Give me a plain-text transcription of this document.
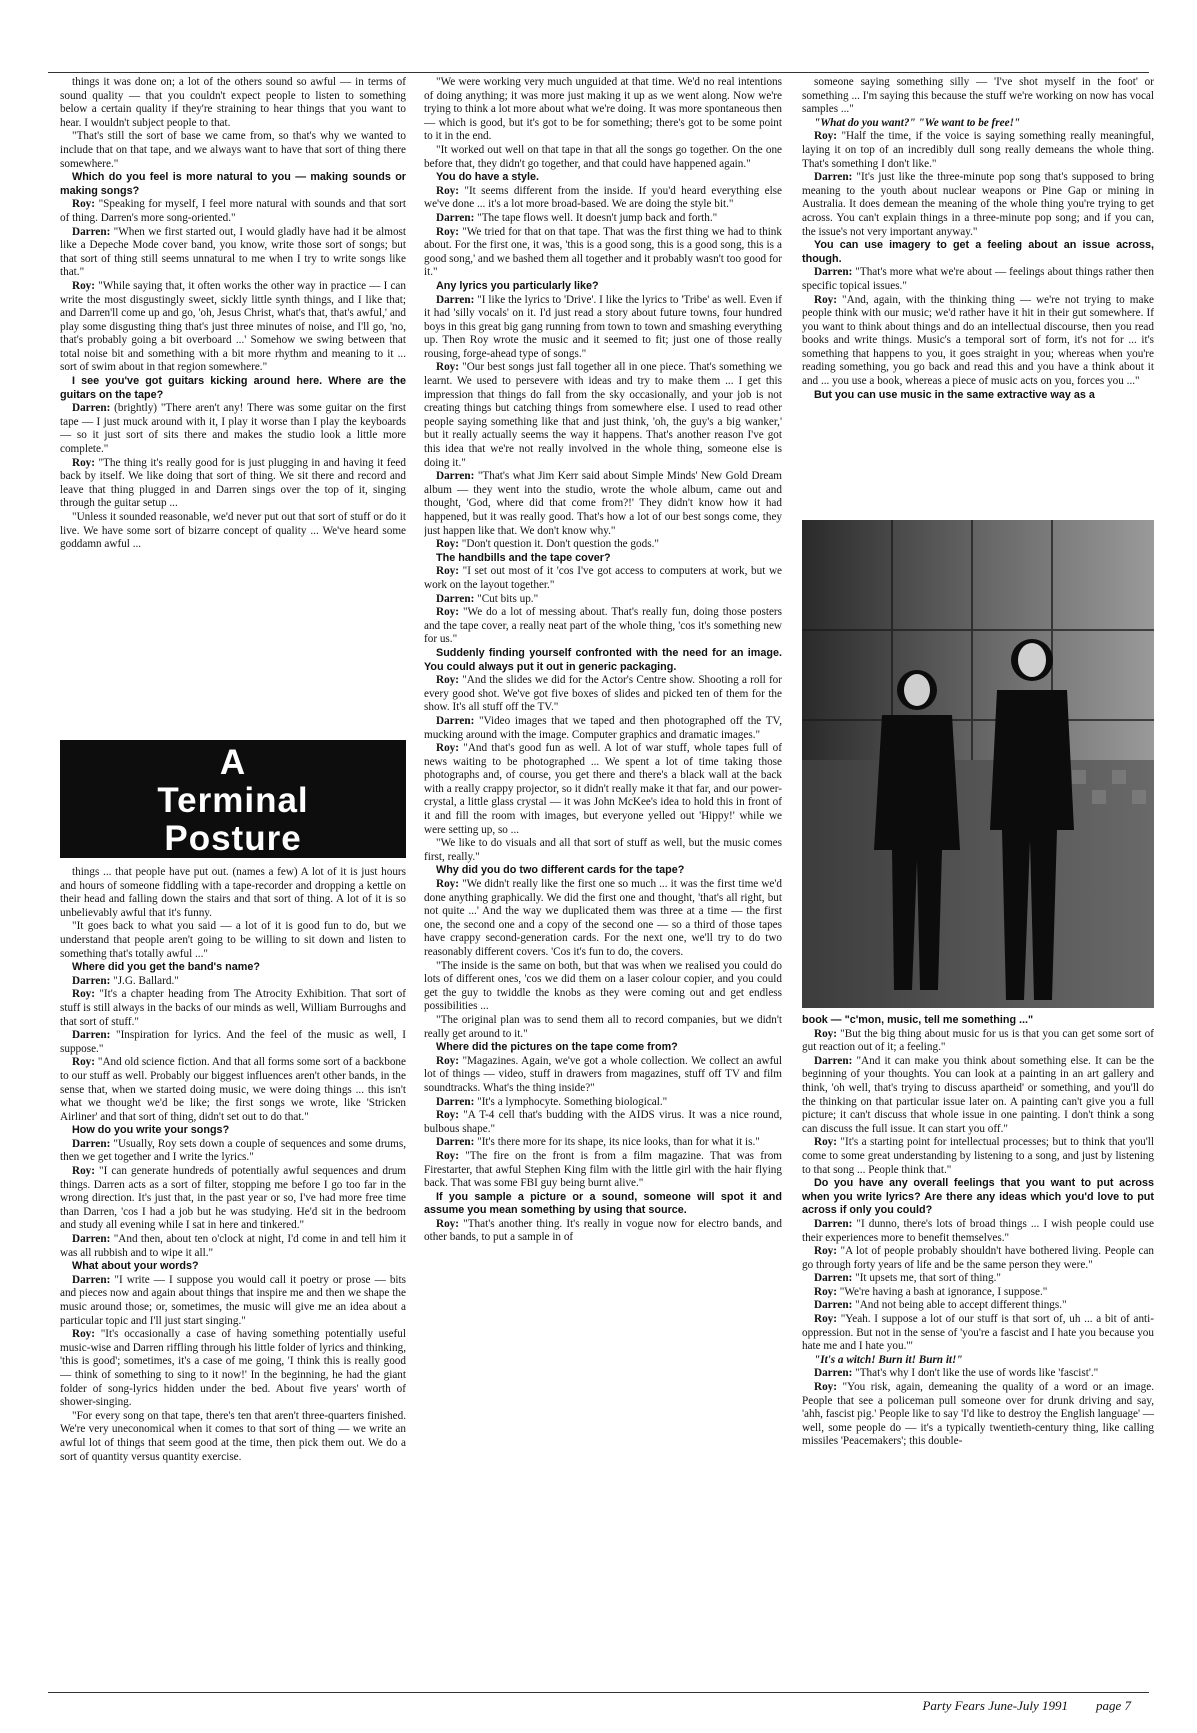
things it was done on; a lot of the others sound so awful — in terms of sound quality — that you couldn't expect people to listen to something below a certain quality if they're straining to hear things that you want to hear. I wouldn't subject people to that.

"That's still the sort of base we came from, so that's why we wanted to include that on that tape, and we always want to have that sort of thing there somewhere."

Which do you feel is more natural to you — making sounds or making songs?

Roy: "Speaking for myself, I feel more natural with sounds and that sort of thing. Darren's more song-oriented."

Darren: "When we first started out, I would gladly have had it be almost like a Depeche Mode cover band, you know, write those sort of songs; but that sort of thing still seems unnatural to me when I try to write songs like that."

Roy: "While saying that, it often works the other way in practice — I can write the most disgustingly sweet, sickly little synth things, and I like that; and Darren'll come up and go, 'oh, Jesus Christ, what's that, that's awful,' and play some disgusting thing that's just three minutes of noise, and I'll go, 'no, that's probably going a bit overboard ...' Somehow we swing between that total noise bit and something with a bit more rhythm and meaning to it ... sort of swim about in that region somewhere."

I see you've got guitars kicking around here. Where are the guitars on the tape?

Darren: (brightly) "There aren't any! There was some guitar on the first tape — I just muck around with it, I play it worse than I play the keyboards — so it just sort of sits there and makes the studio look a little more complete."

Roy: "The thing it's really good for is just plugging in and having it feed back by itself. We like doing that sort of thing. We sit there and record and leave that thing plugged in and Darren sings over the top of it, singing through the guitar setup ...

"Unless it sounded reasonable, we'd never put out that sort of stuff or do it live. We have some sort of bizarre concept of quality ... We've heard some goddamn awful ...

A
Terminal
Posture

things ... that people have put out. (names a few) A lot of it is just hours and hours of someone fiddling with a tape-recorder and dropping a kettle on their head and falling down the stairs and that sort of thing. A lot of it is so unbelievably awful that it's funny.

"It goes back to what you said — a lot of it is good fun to do, but we understand that people aren't going to be willing to sit down and listen to something that's totally awful ..."

Where did you get the band's name?

Darren: "J.G. Ballard."

Roy: "It's a chapter heading from The Atrocity Exhibition. That sort of stuff is still always in the backs of our minds as well, William Burroughs and that sort of stuff."

Darren: "Inspiration for lyrics. And the feel of the music as well, I suppose."

Roy: "And old science fiction. And that all forms some sort of a backbone to our stuff as well. Probably our biggest influences aren't other bands, in the sense that, when we started doing music, we were doing things ... this isn't what we thought we'd be like; the first songs we wrote, like 'Stricken Airliner' and that sort of thing, didn't set out to do that."

How do you write your songs?

Darren: "Usually, Roy sets down a couple of sequences and some drums, then we get together and I write the lyrics."

Roy: "I can generate hundreds of potentially awful sequences and drum things. Darren acts as a sort of filter, stopping me before I go too far in the wrong direction. It's just that, in the past year or so, I've had more free time than Darren, 'cos I had a job but he was studying. He'd sit in the bedroom and study all evening while I sat in here and tinkered."

Darren: "And then, about ten o'clock at night, I'd come in and tell him it was all rubbish and to wipe it all."

What about your words?

Darren: "I write — I suppose you would call it poetry or prose — bits and pieces now and again about things that inspire me and then we shape the music around those; or, sometimes, the music will give me an idea about a particular topic and I'll just start singing."

Roy: "It's occasionally a case of having something potentially useful music-wise and Darren riffling through his little folder of lyrics and thinking, 'this is good'; sometimes, it's a case of me going, 'I think this is really good — think of something to sing to it now!' In the beginning, he had the giant folder of song-lyrics hidden under the bed. About five years' worth of shower-singing.

"For every song on that tape, there's ten that aren't three-quarters finished. We're very uneconomical when it comes to that sort of thing — we write an awful lot of things that seem good at the time, then pick them out. We do a sort of quantity versus quantity exercise.

"We were working very much unguided at that time. We'd no real intentions of doing anything; it was more just making it up as we went along. Now we're trying to think a lot more about what we're doing. It was more spontaneous then — which is good, but it's got to be for something; there's got to be some point to it in the end.

"It worked out well on that tape in that all the songs go together. On the one before that, they didn't go together, and that could have happened again."

You do have a style.

Roy: "It seems different from the inside. If you'd heard everything else we've done ... it's a lot more broad-based. We are doing the style bit."

Darren: "The tape flows well. It doesn't jump back and forth."

Roy: "We tried for that on that tape. That was the first thing we had to think about. For the first one, it was, 'this is a good song, this is a good song, this is a good song,' and we bashed them all together and it probably wasn't too good for it."

Any lyrics you particularly like?

Darren: "I like the lyrics to 'Drive'. I like the lyrics to 'Tribe' as well. Even if it had 'silly vocals' on it. I'd just read a story about future towns, four hundred boys in this great big gang running from town to town and smashing everything up. Then Roy wrote the music and it seemed to fit; just one of those really rousing, forge-ahead type of songs."

Roy: "Our best songs just fall together all in one piece. That's something we learnt. We used to persevere with ideas and try to make them ... I get this impression that things do fall from the sky occasionally, and your job is not creating things but catching things from somewhere else. I used to read other people saying something like that and just think, 'oh, the guy's a big wanker,' but it really actually seems the way it happens. That's another reason I've got this idea that we're not really involved in the whole thing, someone else is doing it."

Darren: "That's what Jim Kerr said about Simple Minds' New Gold Dream album — they went into the studio, wrote the whole album, came out and thought, 'God, where did that come from?!' They didn't know how it had happened, but it was really good. That's how a lot of our best songs come, they just happen like that. We don't know why."

Roy: "Don't question it. Don't question the gods."

The handbills and the tape cover?

Roy: "I set out most of it 'cos I've got access to computers at work, but we work on the layout together."

Darren: "Cut bits up."

Roy: "We do a lot of messing about. That's really fun, doing those posters and the tape cover, a really neat part of the whole thing, 'cos it's something new for us."

Suddenly finding yourself confronted with the need for an image. You could always put it out in generic packaging.

Roy: "And the slides we did for the Actor's Centre show. Shooting a roll for every good shot. We've got five boxes of slides and picked ten of them for the show. It's all stuff off the TV."

Darren: "Video images that we taped and then photographed off the TV, mucking around with the image. Computer graphics and dramatic images."

Roy: "And that's good fun as well. A lot of war stuff, whole tapes full of news waiting to be photographed ... We spent a lot of time taking those photographs and, of course, you get there and there's a black wall at the back with a really crappy projector, so it didn't really make it that far, and our power-crystal, a little glass crystal — it was John McKee's idea to hold this in front of it and fill the room with images, but everyone yelled out 'Hippy!' while we were setting up, so ...

"We like to do visuals and all that sort of stuff as well, but the music comes first, really."

Why did you do two different cards for the tape?

Roy: "We didn't really like the first one so much ... it was the first time we'd done anything graphically. We did the first one and thought, 'that's all right, but not quite ...' And the way we duplicated them was three at a time — the first one, the second one and a copy of the second one — so a third of those tapes have crappy second-generation cards. For the next one, we'll try to do two reasonably different covers. 'Cos it's fun to do, the covers.

"The inside is the same on both, but that was when we realised you could do lots of different ones, 'cos we did them on a laser colour copier, and you could get the guy to twiddle the knobs as they were coming out and get endless possibilities ...

"The original plan was to send them all to record companies, but we didn't really get around to it."

Where did the pictures on the tape come from?

Roy: "Magazines. Again, we've got a whole collection. We collect an awful lot of things — video, stuff in drawers from magazines, stuff off TV and film soundtracks. What's the thing inside?"

Darren: "It's a lymphocyte. Something biological."

Roy: "A T-4 cell that's budding with the AIDS virus. It was a nice round, bulbous shape."

Darren: "It's there more for its shape, its nice looks, than for what it is."

Roy: "The fire on the front is from a film magazine. That was from Firestarter, that awful Stephen King film with the little girl with the hair flying back. That was some FBI guy being burnt alive."

If you sample a picture or a sound, someone will spot it and assume you mean something by using that source.

Roy: "That's another thing. It's really in vogue now for electro bands, and other bands, to put a sample in of

someone saying something silly — 'I've shot myself in the foot' or something ... I'm saying this because the stuff we're working on now has vocal samples ..."

"What do you want?" "We want to be free!"

Roy: "Half the time, if the voice is saying something really meaningful, laying it on top of an incredibly dull song really demeans the whole thing. That's something I don't like."

Darren: "It's just like the three-minute pop song that's supposed to bring meaning to the youth about nuclear weapons or Pine Gap or mining in Australia. It does demean the meaning of the whole thing you're trying to get across. You can't explain things in a three-minute pop song; and if you can, the issue's not very important anyway."

You can use imagery to get a feeling about an issue across, though.

Darren: "That's more what we're about — feelings about things rather then specific topical issues."

Roy: "And, again, with the thinking thing — we're not trying to make people think with our music; we'd rather have it hit in their gut somewhere. If you want to think about things and do an intellectual discourse, then you read books and write things. Music's a temporal sort of form, it's not for ... it's something that happens to you, it goes straight in you; whereas when you're reading something, you go back and read this and you have a think about it and ... you use a book, whereas a piece of music acts on you, forces you ..."

But you can use music in the same extractive way as a

book — "c'mon, music, tell me something ..."

Roy: "But the big thing about music for us is that you can get some sort of gut reaction out of it; a feeling."

Darren: "And it can make you think about something else. It can be the beginning of your thoughts. You can look at a painting in an art gallery and think, 'oh well, that's trying to discuss apartheid' or something, and you'll do the thinking on that particular issue later on. A painting can't give you a full picture; it can't discuss that whole issue in one painting. I don't think a song can discuss the full issue. It can start you off."

Roy: "It's a starting point for intellectual processes; but to think that you'll come to some great understanding by listening to a song, and just by listening to that song ... People think that."

Do you have any overall feelings that you want to put across when you write lyrics? Are there any ideas which you'd love to put across if only you could?

Darren: "I dunno, there's lots of broad things ... I wish people could use their experiences more to benefit themselves."

Roy: "A lot of people probably shouldn't have bothered living. People can go through forty years of life and be the same person they were."

Darren: "It upsets me, that sort of thing."

Roy: "We're having a bash at ignorance, I suppose."

Darren: "And not being able to accept different things."

Roy: "Yeah. I suppose a lot of our stuff is that sort of, uh ... a bit of anti-oppression. But not in the sense of 'you're a fascist and I hate you because you hate me and I hate you.'"

"It's a witch! Burn it! Burn it!"

Darren: "That's why I don't like the use of words like 'fascist'."

Roy: "You risk, again, demeaning the quality of a word or an image. People that see a policeman pull someone over for drunk driving and say, 'ahh, fascist pig.' People like to say 'I'd like to destroy the English language' — well, some people do — it's a typically twentieth-century thing, like calling missiles 'Peacemakers'; this double-

Party Fears June-July 1991 page 7
